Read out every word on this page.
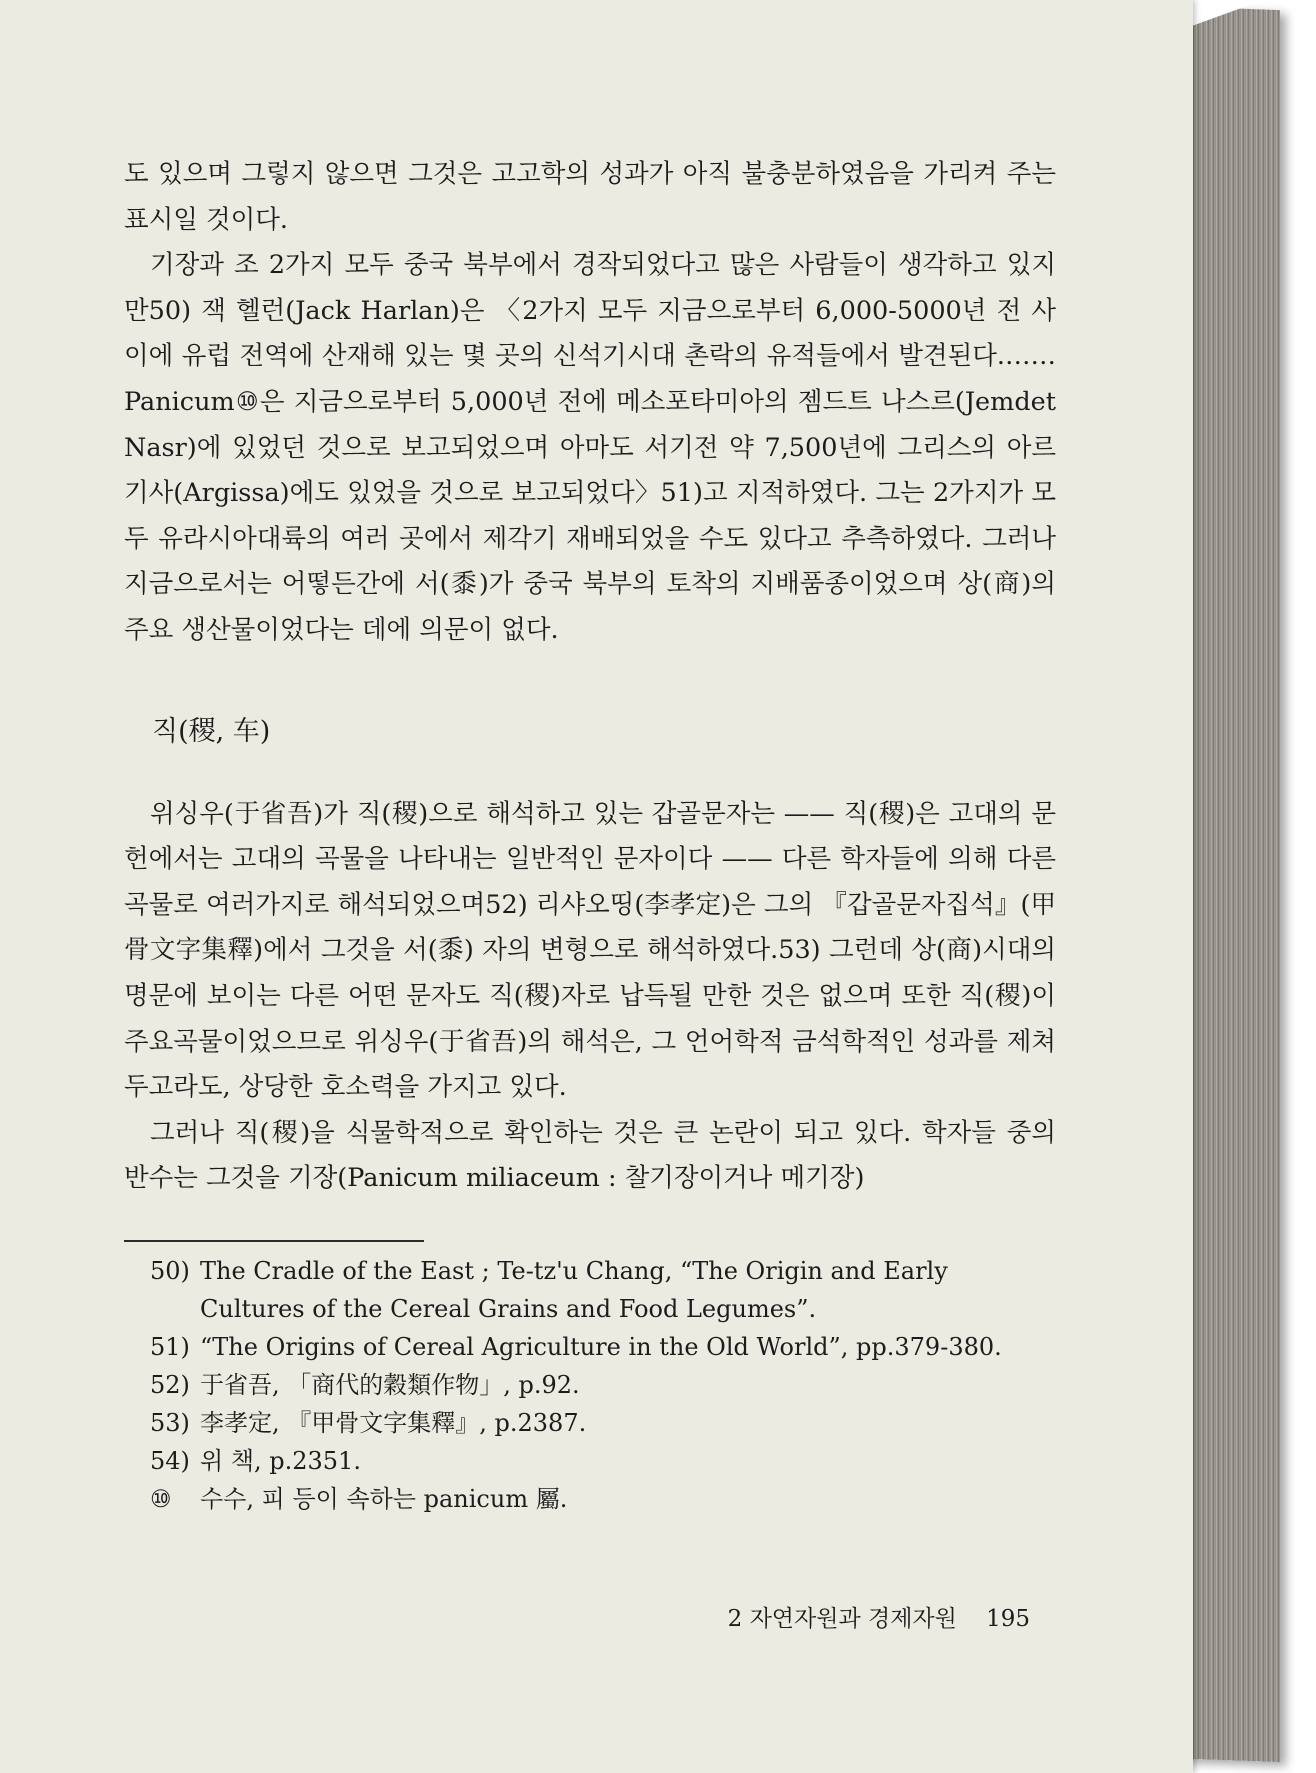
도 있으며 그렇지 않으면 그것은 고고학의 성과가 아직 불충분하였음을 가리켜 주는 표시일 것이다.

기장과 조 2가지 모두 중국 북부에서 경작되었다고 많은 사람들이 생각하고 있지만50) 잭 헬런(Jack Harlan)은 〈2가지 모두 지금으로부터 6,000-5000년 전 사이에 유럽 전역에 산재해 있는 몇 곳의 신석기시대 촌락의 유적들에서 발견된다.…… Panicum⑩은 지금으로부터 5,000년 전에 메소포타미아의 젬드트 나스르(Jemdet Nasr)에 있었던 것으로 보고되었으며 아마도 서기전 약 7,500년에 그리스의 아르기사(Argissa)에도 있었을 것으로 보고되었다〉51)고 지적하였다. 그는 2가지가 모두 유라시아대륙의 여러 곳에서 제각기 재배되었을 수도 있다고 추측하였다. 그러나 지금으로서는 어떻든간에 서(黍)가 중국 북부의 토착의 지배품종이었으며 상(商)의 주요 생산물이었다는 데에 의문이 없다.

직(稷, ⻋)

위싱우(于省吾)가 직(稷)으로 해석하고 있는 갑골문자는 —— 직(稷)은 고대의 문헌에서는 고대의 곡물을 나타내는 일반적인 문자이다 —— 다른 학자들에 의해 다른 곡물로 여러가지로 해석되었으며52) 리샤오띵(李孝定)은 그의 『갑골문자집석』(甲骨文字集釋)에서 그것을 서(黍) 자의 변형으로 해석하였다.53) 그런데 상(商)시대의 명문에 보이는 다른 어떤 문자도 직(稷)자로 납득될 만한 것은 없으며 또한 직(稷)이 주요곡물이었으므로 위싱우(于省吾)의 해석은, 그 언어학적 금석학적인 성과를 제쳐 두고라도, 상당한 호소력을 가지고 있다.

그러나 직(稷)을 식물학적으로 확인하는 것은 큰 논란이 되고 있다. 학자들 중의 반수는 그것을 기장(Panicum miliaceum : 찰기장이거나 메기장)

50) The Cradle of the East ; Te-tz'u Chang, “The Origin and Early Cultures of the Cereal Grains and Food Legumes”.
51) “The Origins of Cereal Agriculture in the Old World”, pp.379-380.
52) 于省吾, 「商代的穀類作物」, p.92.
53) 李孝定, 『甲骨文字集釋』, p.2387.
54) 위 책, p.2351.
⑩	수수, 피 등이 속하는 panicum 屬.
2 자연자원과 경제자원 195
